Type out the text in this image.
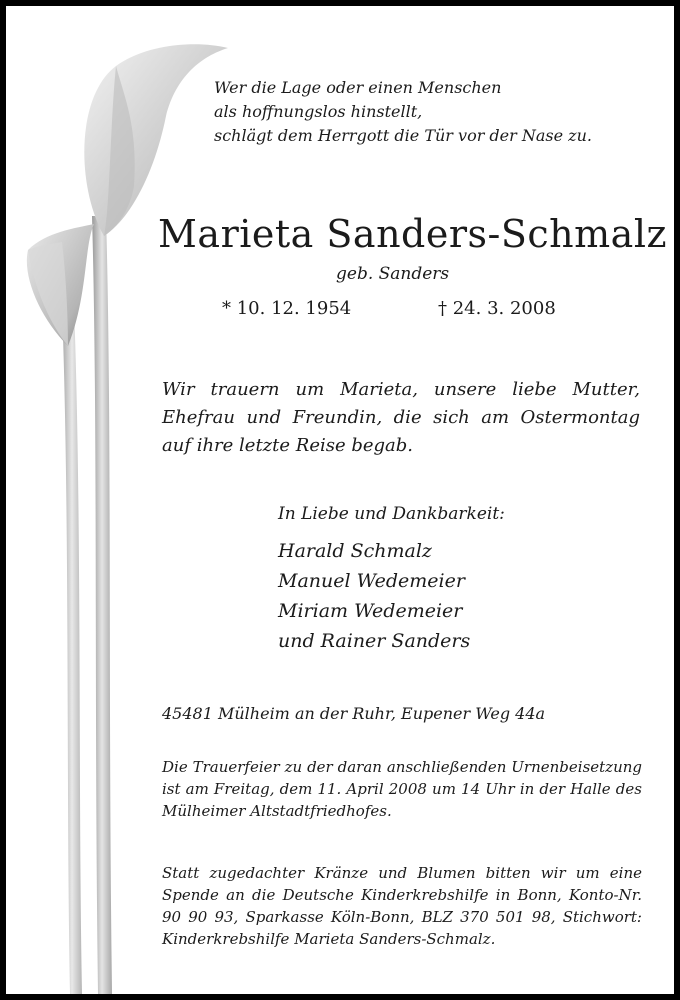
Wer die Lage oder einen Menschen
als hoffnungslos hinstellt,
schlägt dem Herrgott die Tür vor der Nase zu.
Marieta Sanders-Schmalz
geb. Sanders
* 10. 12. 1954	† 24. 3. 2008
Wir trauern um Marieta, unsere liebe Mutter, Ehefrau und Freundin, die sich am Ostermontag auf ihre letzte Reise begab.
In Liebe und Dankbarkeit:
Harald Schmalz
Manuel Wedemeier
Miriam Wedemeier
und Rainer Sanders
45481 Mülheim an der Ruhr, Eupener Weg 44a
Die Trauerfeier zu der daran anschließenden Urnenbeisetzung ist am Freitag, dem 11. April 2008 um 14 Uhr in der Halle des Mülheimer Altstadtfriedhofes.
Statt zugedachter Kränze und Blumen bitten wir um eine Spende an die Deutsche Kinderkrebshilfe in Bonn, Konto-Nr. 90 90 93, Sparkasse Köln-Bonn, BLZ 370 501 98, Stichwort: Kinderkrebshilfe Marieta Sanders-Schmalz.
